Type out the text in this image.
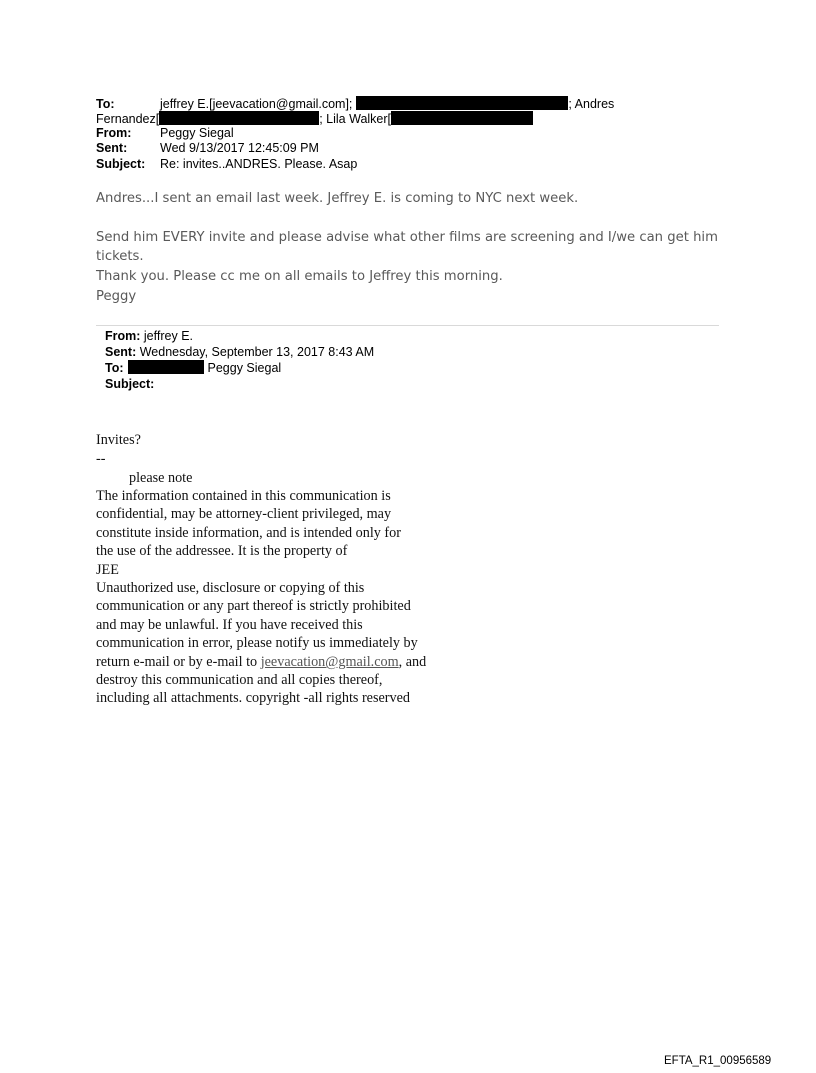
To:	jeffrey E.[jeevacation@gmail.com];	; Andres
Fernandez[	; Lila Walker[
From: Peggy Siegal
Sent:	Wed 9/13/2017 12:45:09 PM
Subject: Re: invites..ANDRES. Please. Asap
Andres...I sent an email last week. Jeffrey E. is coming to NYC next week.
Send him EVERY invite and please advise what other films are screening and I/we can get him
tickets.
Thank you. Please cc me on all emails to Jeffrey this morning.
Peggy
From: jeffrey E.
Sent: Wednesday, September 13, 2017 8:43 AM
To:	Peggy Siegal
Subject:
Invites?
--
please note
The information contained in this communication is
confidential, may be attorney-client privileged, may
constitute inside information, and is intended only for
the use of the addressee. It is the property of
JEE
Unauthorized use, disclosure or copying of this
communication or any part thereof is strictly prohibited
and may be unlawful. If you have received this
communication in error, please notify us immediately by
return e-mail or by e-mail to jeevacation@gmail.com, and
destroy this communication and all copies thereof,
including all attachments. copyright -all rights reserved
EFTA_R1_00956589
